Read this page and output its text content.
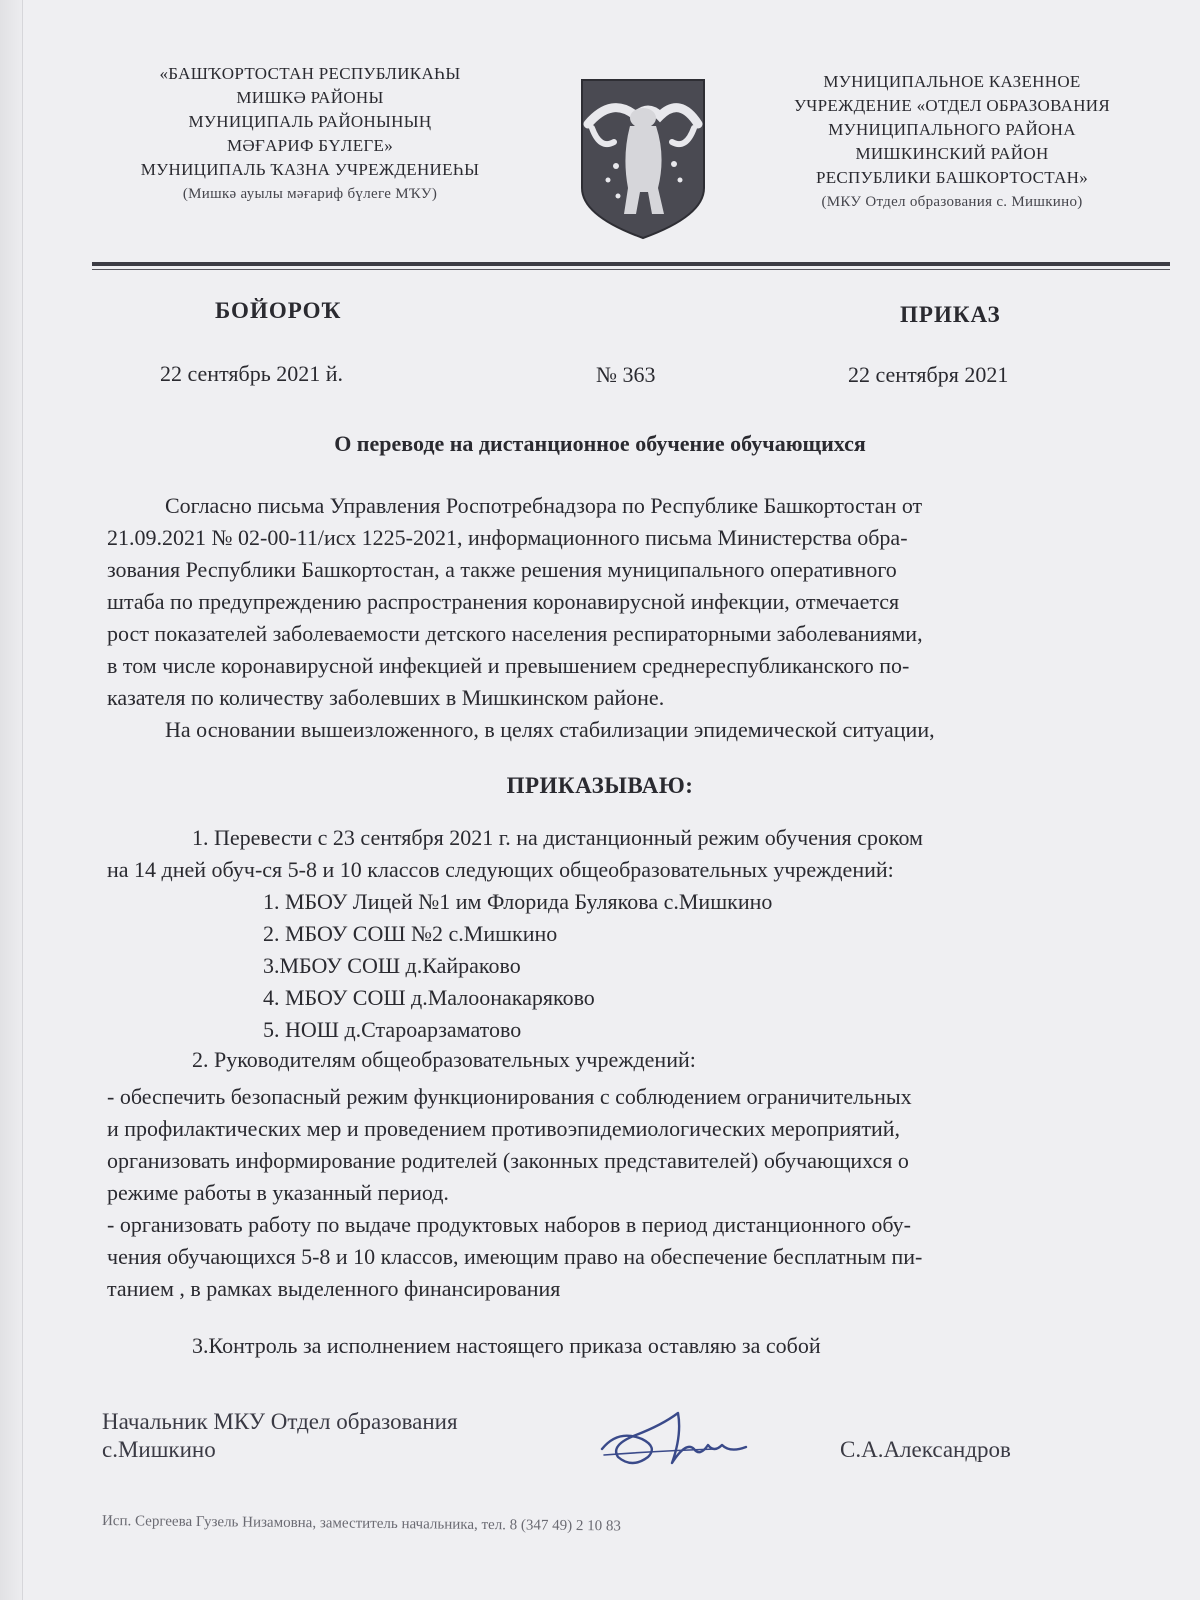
«БАШҠОРТОСТАН РЕСПУБЛИКАҺЫ
МИШКӘ РАЙОНЫ
МУНИЦИПАЛЬ РАЙОНЫНЫҢ
МӘҒАРИФ БҮЛЕГЕ»
МУНИЦИПАЛЬ ҠАЗНА УЧРЕЖДЕНИЕҺЫ
(Мишкә ауылы мәғариф бүлеге МҠУ)
МУНИЦИПАЛЬНОЕ КАЗЕННОЕ
УЧРЕЖДЕНИЕ «ОТДЕЛ ОБРАЗОВАНИЯ
МУНИЦИПАЛЬНОГО РАЙОНА
МИШКИНСКИЙ РАЙОН
РЕСПУБЛИКИ БАШКОРТОСТАН»
(МКУ Отдел образования с. Мишкино)
БОЙОРОҠ	ПРИКАЗ
22 сентябрь 2021 й.	№ 363	22 сентября 2021
О переводе на дистанционное обучение обучающихся
Согласно письма Управления Роспотребнадзора по Республике Башкортостан от
21.09.2021 № 02-00-11/исх 1225-2021, информационного письма Министерства обра-
зования Республики Башкортостан, а также решения муниципального оперативного
штаба по предупреждению распространения коронавирусной инфекции, отмечается
рост показателей заболеваемости детского населения респираторными заболеваниями,
в том числе коронавирусной инфекцией и превышением среднереспубликанского по-
казателя по количеству заболевших в Мишкинском районе.
На основании вышеизложенного, в целях стабилизации эпидемической ситуации,
ПРИКАЗЫВАЮ:
1. Перевести с 23 сентября 2021 г. на дистанционный режим обучения сроком
на 14 дней обуч-ся 5-8 и 10 классов следующих общеобразовательных учреждений:
1. МБОУ Лицей №1 им Флорида Булякова с.Мишкино
2. МБОУ СОШ №2 с.Мишкино
3.МБОУ СОШ д.Кайраково
4. МБОУ СОШ д.Малоонакаряково
5. НОШ д.Староарзаматово
2. Руководителям общеобразовательных учреждений:
- обеспечить безопасный режим функционирования с соблюдением ограничительных
и профилактических мер и проведением противоэпидемиологических мероприятий,
организовать информирование родителей (законных представителей) обучающихся о
режиме работы в указанный период.
- организовать работу по выдаче продуктовых наборов в период дистанционного обу-
чения обучающихся 5-8 и 10 классов, имеющим право на обеспечение бесплатным пи-
танием , в рамках выделенного финансирования
3.Контроль за исполнением настоящего приказа оставляю за собой
Начальник МКУ Отдел образования
с.Мишкино	С.А.Александров
Исп. Сергеева Гузель Низамовна, заместитель начальника, тел. 8 (347 49) 2 10 83
